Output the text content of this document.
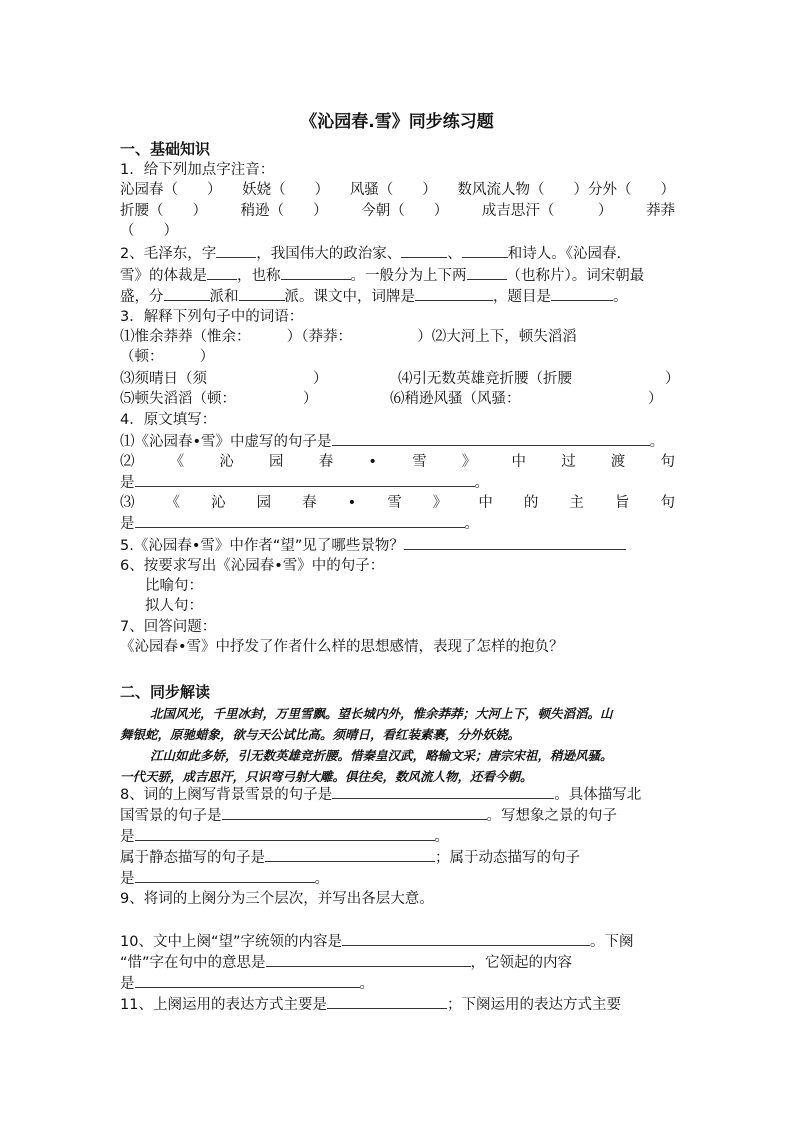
《沁园春.雪》同步练习题
一、基础知识
1．给下列加点字注音：
沁园春（　　） 妖娆（　　） 风骚（　　） 数风流人物（　　）分外（　　）
折腰（　　） 稍逊（　　） 今朝（　　） 成吉思汗（　　　） 莽莽
（　　）
2、毛泽东，字	，我国伟大的政治家、	、	和诗人。《沁园春.
雪》的体裁是 ，也称	。一般分为上下两	（也称片）。词宋朝最
盛，分	派和	派。课文中，词牌是	，题目是	。
3．解释下列句子中的词语：
⑴惟余莽莽（惟余：　　　）（莽莽：　　　　　）⑵大河上下，顿失滔滔
（顿：　　　）
⑶须晴日（须	）	⑷引无数英雄竞折腰（折腰	）
⑸顿失滔滔（顿：	）	⑹稍逊风骚（风骚：	）
4．原文填写：
⑴《沁园春•雪》中虚写的句子是	。
⑵ 《 沁 园 春 • 雪 》 中 过 渡 句
是	。
⑶ 《 沁 园 春 • 雪 》 中 的 主 旨 句
是	。
5.《沁园春•雪》中作者“望”见了哪些景物？
6、按要求写出《沁园春•雪》中的句子：
比喻句：
拟人句：
7、回答问题：
《沁园春•雪》中抒发了作者什么样的思想感情，表现了怎样的抱负？
二、同步解读

北国风光，千里冰封，万里雪飘。望长城内外，惟余莽莽；大河上下，顿失滔滔。山

舞银蛇，原驰蜡象，欲与天公试比高。须晴日，看红装素裹，分外妖娆。

江山如此多娇，引无数英雄竞折腰。惜秦皇汉武，略输文采；唐宗宋祖，稍逊风骚。

一代天骄，成吉思汗，只识弯弓射大雕。俱往矣，数风流人物，还看今朝。

8、词的上阕写背景雪景的句子是	。具体描写北
国雪景的句子是	。写想象之景的句子
是	。
属于静态描写的句子是	；属于动态描写的句子
是	。
9、将词的上阕分为三个层次，并写出各层大意。
10、文中上阕“望”字统领的内容是	。下阕
“惜”字在句中的意思是	，它领起的内容
是	。
11、上阕运用的表达方式主要是	；下阕运用的表达方式主要
